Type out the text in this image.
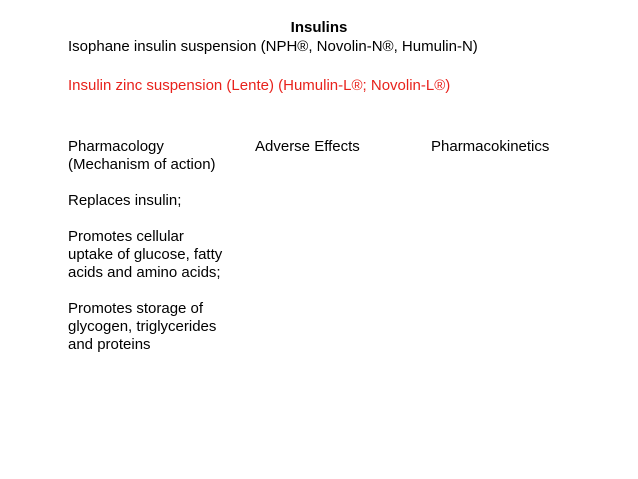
Insulins
Isophane insulin suspension (NPH®, Novolin-N®, Humulin-N)
Insulin zinc suspension (Lente) (Humulin-L®; Novolin-L®)
Pharmacology
(Mechanism of action)
Replaces insulin;
Promotes cellular
uptake of glucose, fatty
acids and amino acids;
Promotes storage of
glycogen, triglycerides
and proteins
Adverse Effects	Pharmacokinetics
